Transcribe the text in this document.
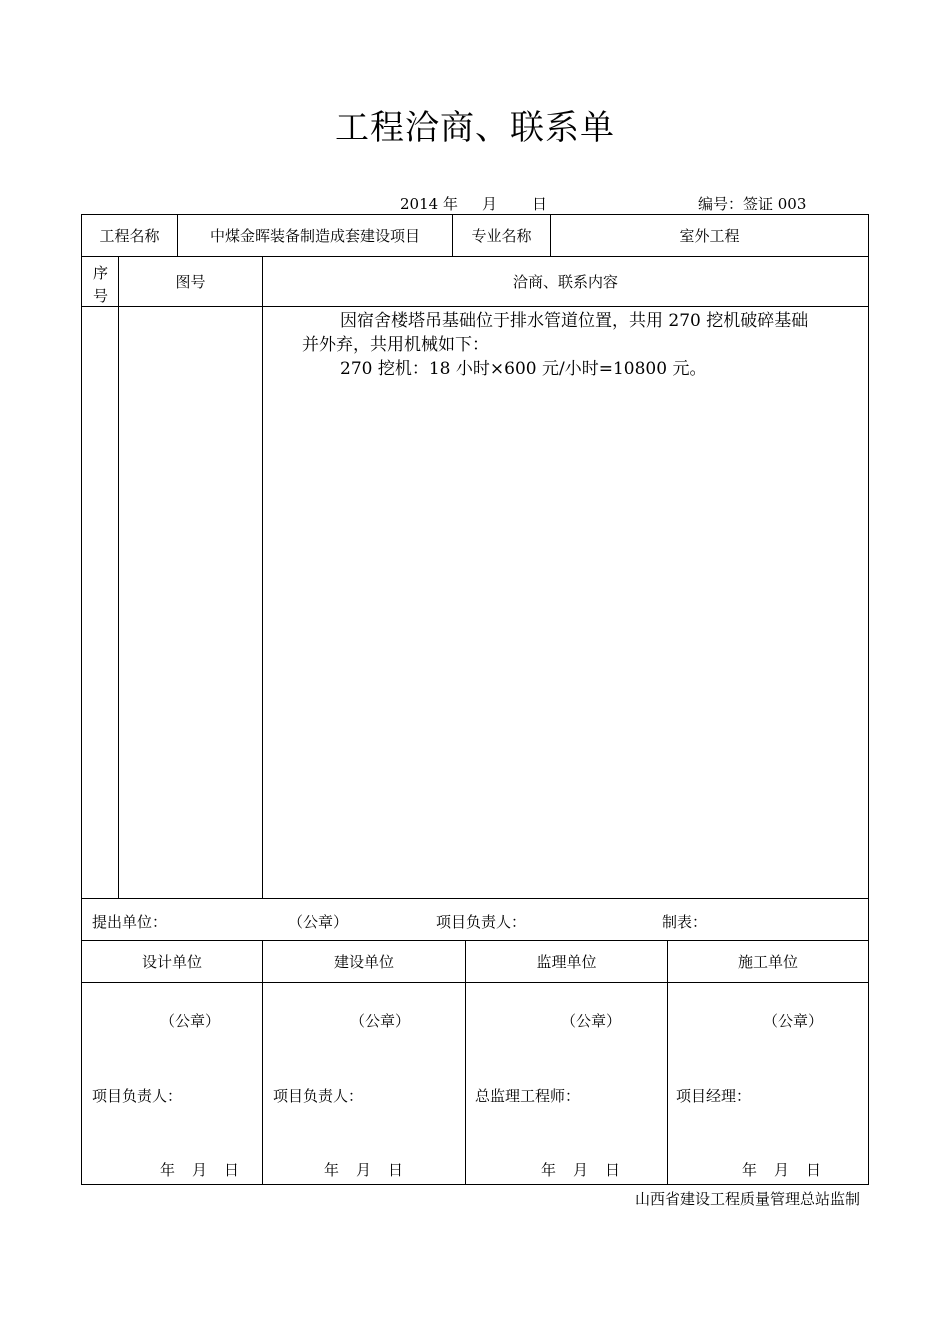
工程洽商、联系单
2014 年 月 日	编号：签证 003
工程名称	中煤金晖装备制造成套建设项目	专业名称	室外工程
序
号
图号	洽商、联系内容
因宿舍楼塔吊基础位于排水管道位置，共用 270 挖机破碎基础
并外弃，共用机械如下：
270 挖机：18 小时×600 元/小时=10800 元。
提出单位：	（公章）	项目负责人：	制表：
设计单位	建设单位	监理单位	施工单位
（公章）	（公章）	（公章）	（公章）
项目负责人：	项目负责人：	总监理工程师：	项目经理：
年　月　日	年　月　日	年　月　日	年　月　日
山西省建设工程质量管理总站监制
